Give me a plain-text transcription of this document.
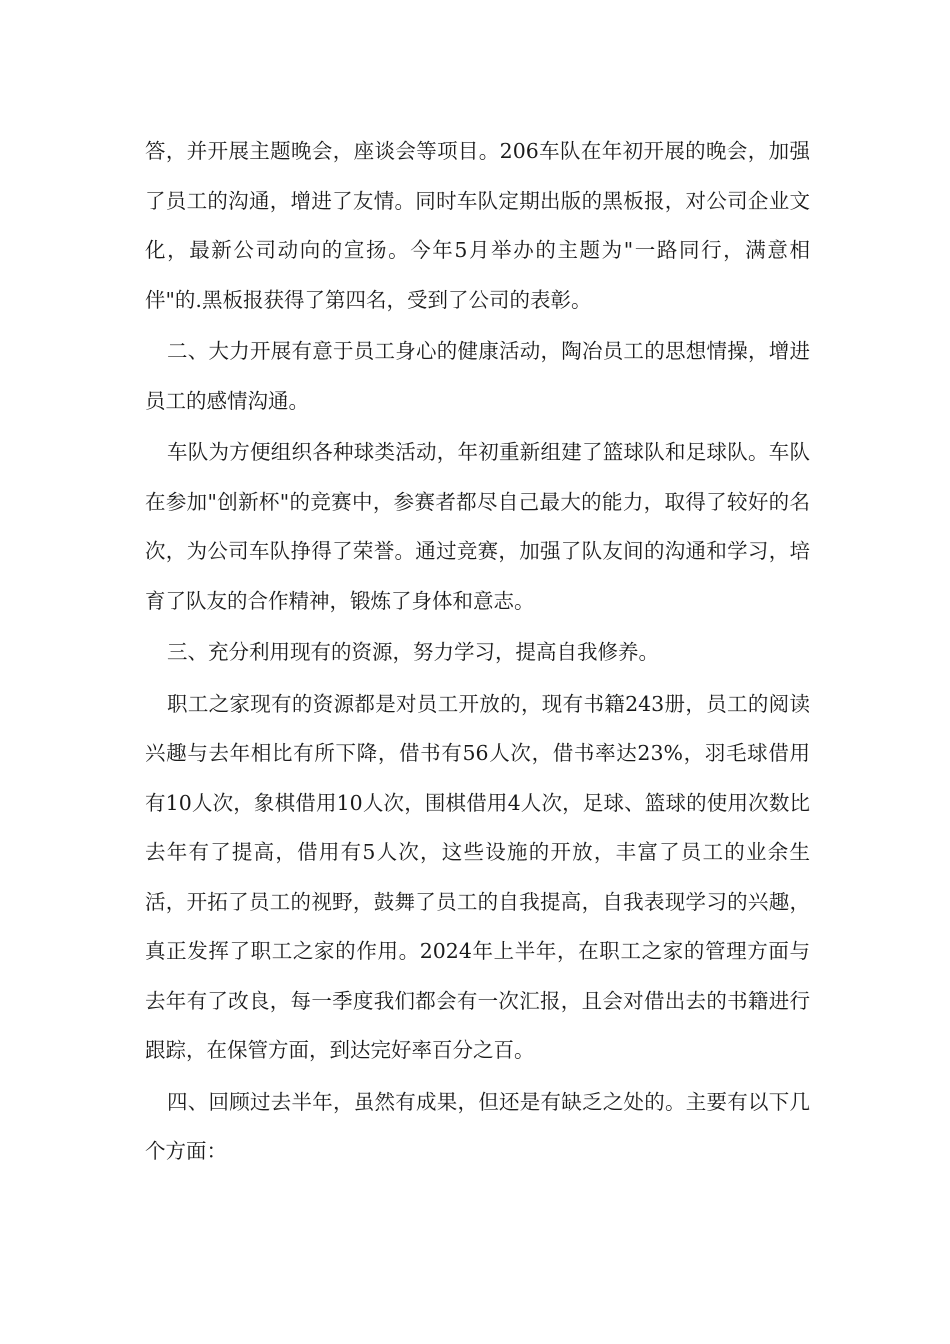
答，并开展主题晚会，座谈会等项目。206车队在年初开展的晚会，加强了员工的沟通，增进了友情。同时车队定期出版的黑板报，对公司企业文化，最新公司动向的宣扬。今年5月举办的主题为"一路同行，满意相伴"的.黑板报获得了第四名，受到了公司的表彰。

二、大力开展有意于员工身心的健康活动，陶冶员工的思想情操，增进员工的感情沟通。

车队为方便组织各种球类活动，年初重新组建了篮球队和足球队。车队在参加"创新杯"的竞赛中，参赛者都尽自己最大的能力，取得了较好的名次，为公司车队挣得了荣誉。通过竞赛，加强了队友间的沟通和学习，培育了队友的合作精神，锻炼了身体和意志。

三、充分利用现有的资源，努力学习，提高自我修养。

职工之家现有的资源都是对员工开放的，现有书籍243册，员工的阅读兴趣与去年相比有所下降，借书有56人次，借书率达23%，羽毛球借用有10人次，象棋借用10人次，围棋借用4人次，足球、篮球的使用次数比去年有了提高，借用有5人次，这些设施的开放，丰富了员工的业余生活，开拓了员工的视野，鼓舞了员工的自我提高，自我表现学习的兴趣，真正发挥了职工之家的作用。2024年上半年，在职工之家的管理方面与去年有了改良，每一季度我们都会有一次汇报，且会对借出去的书籍进行跟踪，在保管方面，到达完好率百分之百。

四、回顾过去半年，虽然有成果，但还是有缺乏之处的。主要有以下几个方面：
